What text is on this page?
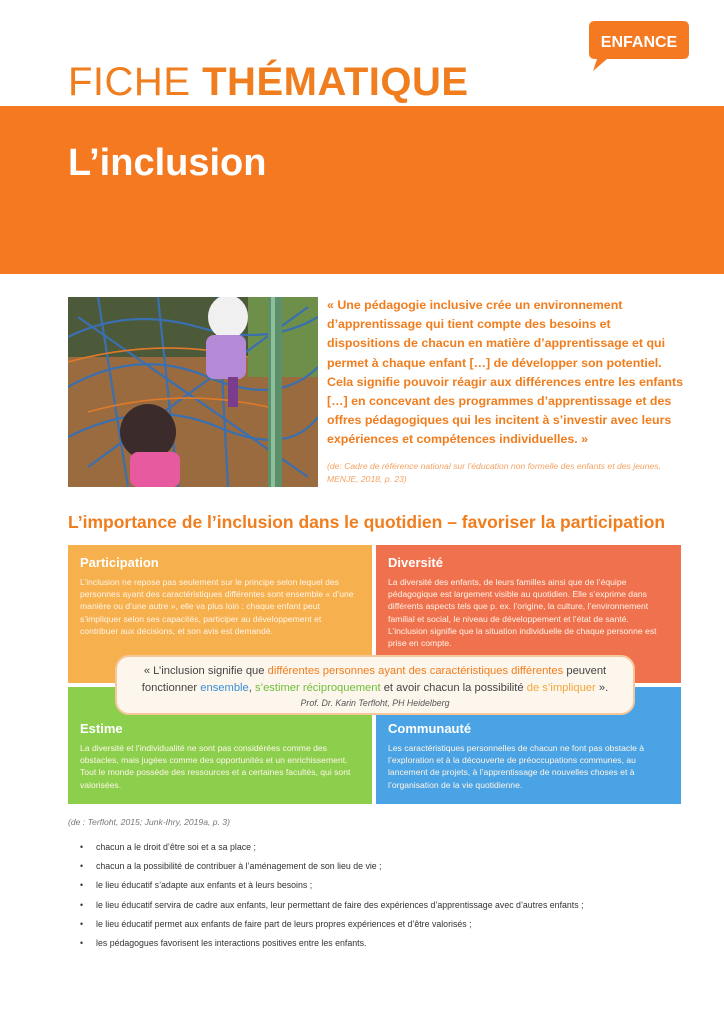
ENFANCE
FICHE THÉMATIQUE
L’inclusion

« Une pédagogie inclusive crée un environnement d’apprentissage qui tient compte des besoins et dispositions de chacun en matière d’apprentissage et qui permet à chaque enfant […] de développer son potentiel. Cela signifie pouvoir réagir aux différences entre les enfants […] en concevant des programmes d’apprentissage et des offres pédagogiques qui les incitent à s’investir avec leurs expériences et compétences individuelles. »

(de: Cadre de référence national sur l’éducation non formelle des enfants et des jeunes, MENJE, 2018, p. 23)

L’importance de l’inclusion dans le quotidien – favoriser la participation
Participation

L’inclusion ne repose pas seulement sur le principe selon lequel des personnes ayant des caractéristiques différentes sont ensemble « d’une manière ou d’une autre », elle va plus loin : chaque enfant peut s’impliquer selon ses capacités, participer au développement et contribuer aux décisions, et son avis est demandé.

Diversité

La diversité des enfants, de leurs familles ainsi que de l’équipe pédagogique est largement visible au quotidien. Elle s’exprime dans différents aspects tels que p. ex. l’origine, la culture, l’environnement familial et social, le niveau de développement et l’état de santé. L’inclusion signifie que la situation individuelle de chaque personne est prise en compte.

Estime

La diversité et l’individualité ne sont pas considérées comme des obstacles, mais jugées comme des opportunités et un enrichissement. Tout le monde possède des ressources et a certaines facultés, qui sont valorisées.

Communauté

Les caractéristiques personnelles de chacun ne font pas obstacle à l’exploration et à la découverte de préoccupations communes, au lancement de projets, à l’apprentissage de nouvelles choses et à l’organisation de la vie quotidienne.

« L’inclusion signifie que différentes personnes ayant des caractéristiques différentes peuvent fonctionner ensemble, s’estimer réciproquement et avoir chacun la possibilité de s’impliquer ».

Prof. Dr. Karin Terfloht, PH Heidelberg

(de : Terfloht, 2015; Junk-Ihry, 2019a, p. 3)

• chacun a le droit d’être soi et a sa place ;
• chacun a la possibilité de contribuer à l’aménagement de son lieu de vie ;
• le lieu éducatif s’adapte aux enfants et à leurs besoins ;
• le lieu éducatif servira de cadre aux enfants, leur permettant de faire des expériences d’apprentissage avec d’autres enfants ;
• le lieu éducatif permet aux enfants de faire part de leurs propres expériences et d’être valorisés ;
• les pédagogues favorisent les interactions positives entre les enfants.
